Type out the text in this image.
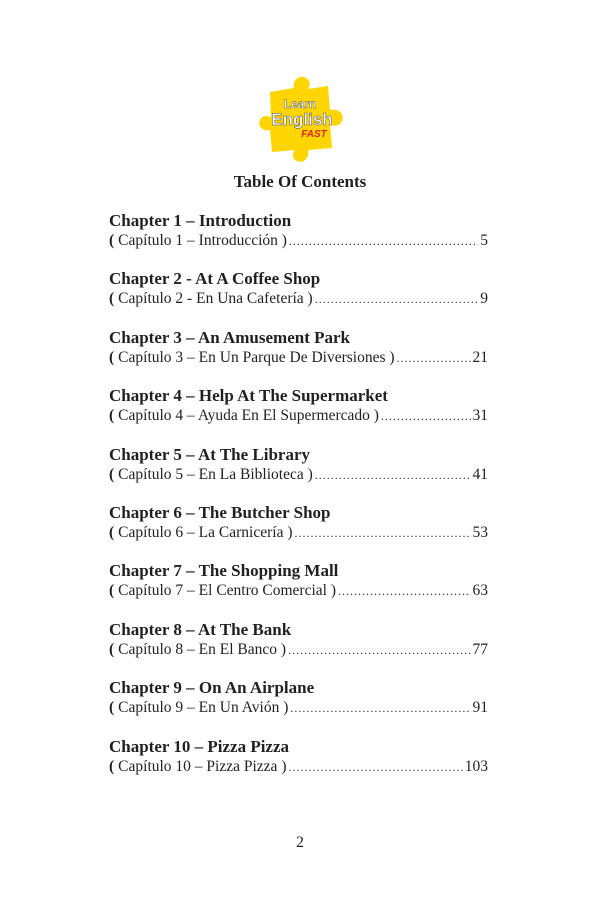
Learn
English
FAST
Table Of Contents
Chapter 1 – Introduction
( Capítulo 1 – Introducción ) .....	5
Chapter 2 - At A Coffee Shop
( Capítulo 2 - En Una Cafetería ) .....	9
Chapter 3 – An Amusement Park
( Capítulo 3 – En Un Parque De Diversiones ) .....	21
Chapter 4 – Help At The Supermarket
( Capítulo 4 – Ayuda En El Supermercado ) .....	31
Chapter 5 – At The Library
( Capítulo 5 – En La Biblioteca ) .....	41
Chapter 6 – The Butcher Shop
( Capítulo 6 – La Carnicería ) .....	53
Chapter 7 – The Shopping Mall
( Capítulo 7 – El Centro Comercial ) .....	63
Chapter 8 – At The Bank
( Capítulo 8 – En El Banco ) .....	77
Chapter 9 – On An Airplane
( Capítulo 9 – En Un Avión ) .....	91
Chapter 10 – Pizza Pizza
( Capítulo 10 – Pizza Pizza ) .....	103
2
